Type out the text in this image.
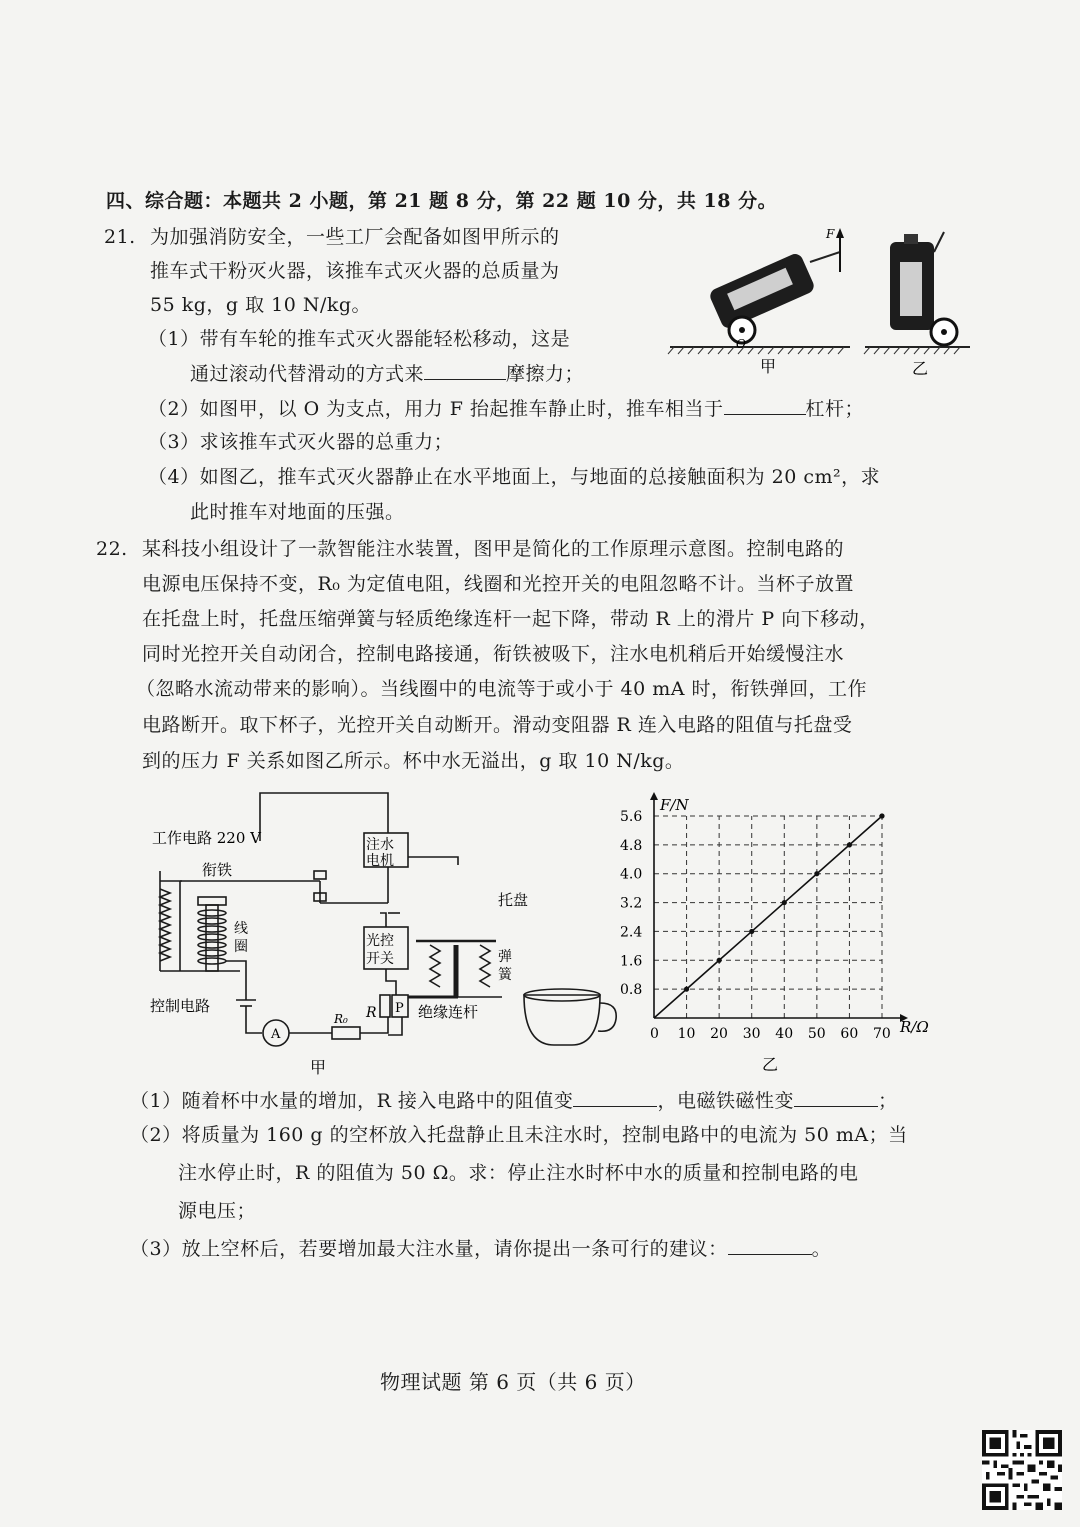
四、综合题：本题共 2 小题，第 21 题 8 分，第 22 题 10 分，共 18 分。
21. 为加强消防安全，一些工厂会配备如图甲所示的
推车式干粉灭火器，该推车式灭火器的总质量为
55 kg，g 取 10 N/kg。
（1）带有车轮的推车式灭火器能轻松移动，这是
通过滚动代替滑动的方式来	摩擦力；
（2）如图甲，以 O 为支点，用力 F 抬起推车静止时，推车相当于	杠杆；
（3）求该推车式灭火器的总重力；
（4）如图乙，推车式灭火器静止在水平地面上，与地面的总接触面积为 20 cm²，求
此时推车对地面的压强。
F
O
甲	乙
22. 某科技小组设计了一款智能注水装置，图甲是简化的工作原理示意图。控制电路的
电源电压保持不变，R₀ 为定值电阻，线圈和光控开关的电阻忽略不计。当杯子放置
在托盘上时，托盘压缩弹簧与轻质绝缘连杆一起下降，带动 R 上的滑片 P 向下移动，
同时光控开关自动闭合，控制电路接通，衔铁被吸下，注水电机稍后开始缓慢注水
（忽略水流动带来的影响）。当线圈中的电流等于或小于 40 mA 时，衔铁弹回，工作
电路断开。取下杯子，光控开关自动断开。滑动变阻器 R 连入电路的阻值与托盘受
到的压力 F 关系如图乙所示。杯中水无溢出，g 取 10 N/kg。
工作电路 220 V
衔铁
注水
电机
托盘
线
圈	光控
开关	弹
簧
控制电路
A
R₀ R P 绝缘连杆
甲
0 10 20 30 40 50 60 70
0.8
1.6
2.4
3.2
4.0
4.8
5.6
F/N
R/Ω
乙
（1）随着杯中水量的增加，R 接入电路中的阻值变	，电磁铁磁性变	；
（2）将质量为 160 g 的空杯放入托盘静止且未注水时，控制电路中的电流为 50 mA；当
注水停止时，R 的阻值为 50 Ω。求：停止注水时杯中水的质量和控制电路的电
源电压；
（3）放上空杯后，若要增加最大注水量，请你提出一条可行的建议：	。
物理试题 第 6 页（共 6 页）
